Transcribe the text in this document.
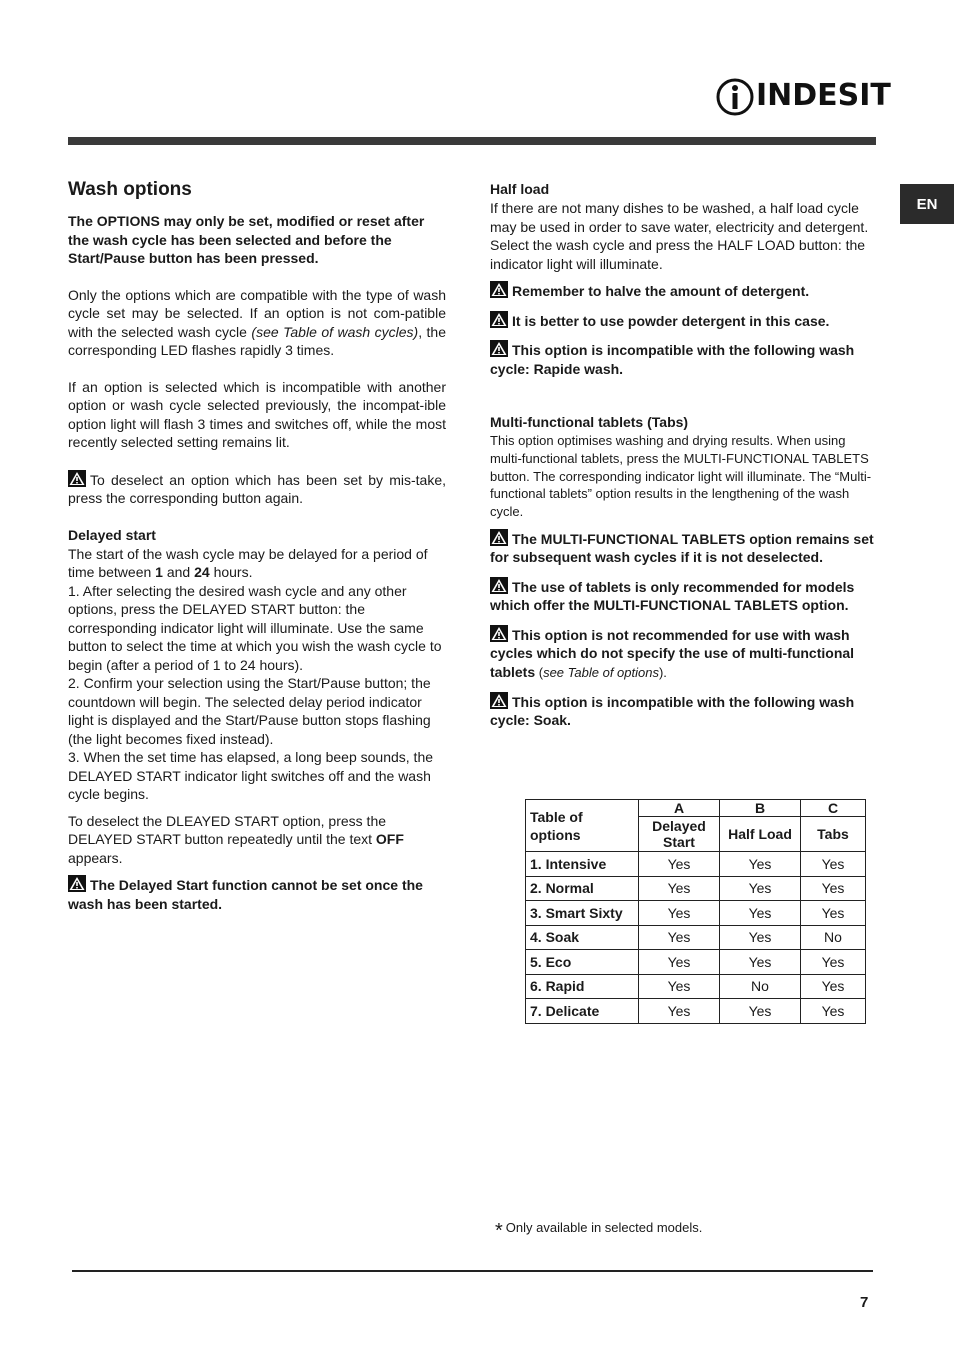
INDESIT
EN
Wash options

The OPTIONS may only be set, modified or reset after the wash cycle has been selected and before the Start/Pause button has been pressed.

Only the options which are compatible with the type of wash cycle set may be selected. If an option is not com-patible with the selected wash cycle (see Table of wash cycles), the corresponding LED flashes rapidly 3 times.

If an option is selected which is incompatible with another option or wash cycle selected previously, the incompat-ible option light will flash 3 times and switches off, while the most recently selected setting remains lit.

To deselect an option which has been set by mis-take, press the corresponding button again.

Delayed start

The start of the wash cycle may be delayed for a period of time between 1 and 24 hours.

1. After selecting the desired wash cycle and any other options, press the DELAYED START button: the corresponding indicator light will illuminate. Use the same button to select the time at which you wish the wash cycle to begin (after a period of 1 to 24 hours).

2. Confirm your selection using the Start/Pause button; the countdown will begin. The selected delay period indicator light is displayed and the Start/Pause button stops flashing (the light becomes fixed instead).

3. When the set time has elapsed, a long beep sounds, the DELAYED START indicator light switches off and the wash cycle begins.

To deselect the DLEAYED START option, press the DELAYED START button repeatedly until the text OFF appears.

The Delayed Start function cannot be set once the wash has been started.

Half load

If there are not many dishes to be washed, a half load cycle may be used in order to save water, electricity and detergent. Select the wash cycle and press the HALF LOAD button: the indicator light will illuminate.

Remember to halve the amount of detergent.

It is better to use powder detergent in this case.

This option is incompatible with the following wash cycle: Rapide wash.

Multi-functional tablets (Tabs)

This option optimises washing and drying results. When using multi-functional tablets, press the MULTI-FUNCTIONAL TABLETS button. The corresponding indicator light will illuminate. The “Multi-functional tablets” option results in the lengthening of the wash cycle.

The MULTI-FUNCTIONAL TABLETS option remains set for subsequent wash cycles if it is not deselected.

The use of tablets is only recommended for models which offer the MULTI-FUNCTIONAL TABLETS option.

This option is not recommended for use with wash cycles which do not specify the use of multi-functional tablets (see Table of options).

This option is incompatible with the following wash cycle: Soak.

Table of options	A	B	C
	Delayed Start	Half Load	Tabs
1. Intensive	Yes	Yes	Yes
2. Normal	Yes	Yes	Yes
3. Smart Sixty	Yes	Yes	Yes
4. Soak	Yes	Yes	No
5. Eco	Yes	Yes	Yes
6. Rapid	Yes	No	Yes
7. Delicate	Yes	Yes	Yes
* Only available in selected models.
7
